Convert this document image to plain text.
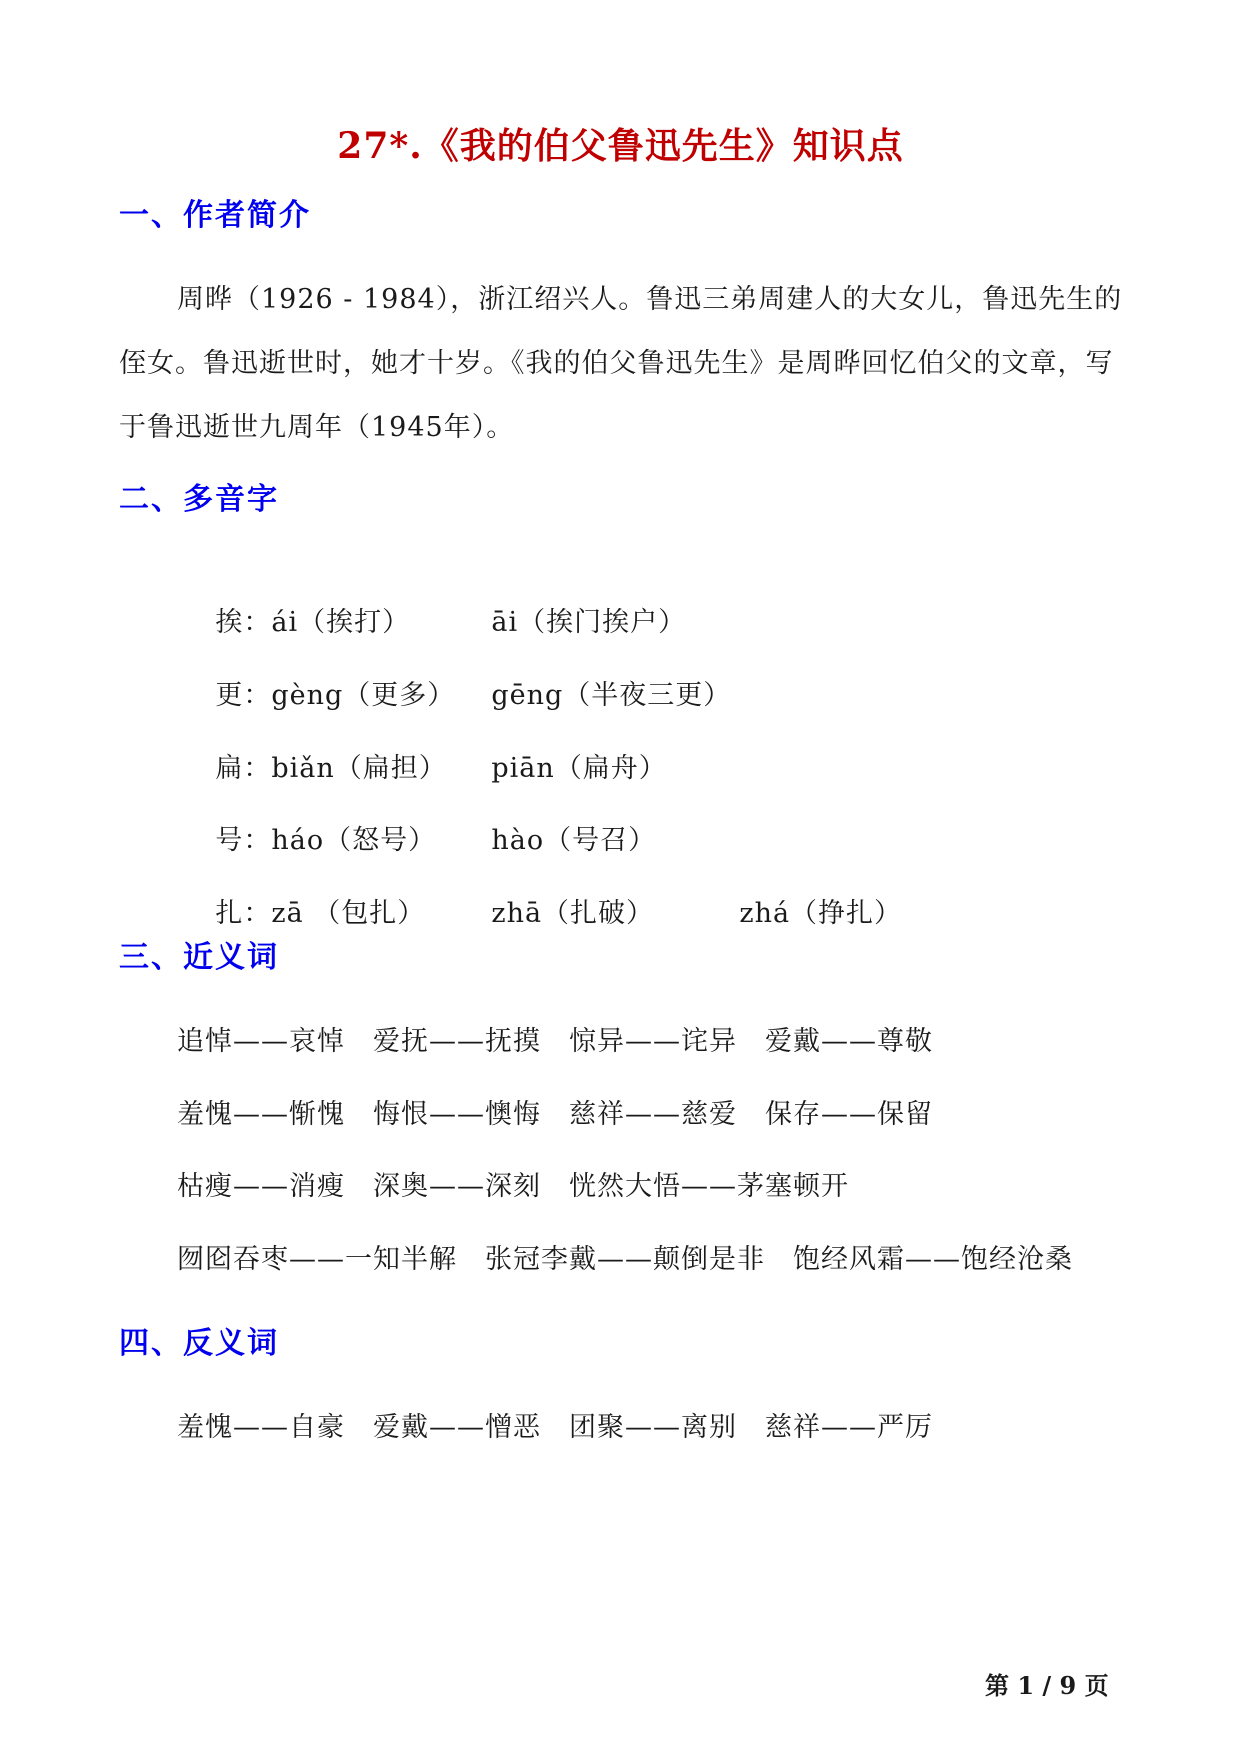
27*.《我的伯父鲁迅先生》知识点
一、作者简介

周晔（1926 - 1984），浙江绍兴人。鲁迅三弟周建人的大女儿，鲁迅先生的侄女。鲁迅逝世时，她才十岁。《我的伯父鲁迅先生》是周晔回忆伯父的文章，写于鲁迅逝世九周年（1945年）。

二、多音字

挨：ái（挨打）	āi（挨门挨户）

更：gèng（更多） gēng（半夜三更）

扁：biǎn（扁担） piān（扁舟）

号：háo（怒号） hào（号召）

扎：zā （包扎） zhā（扎破）	zhá（挣扎）

三、近义词
追悼——哀悼　爱抚——抚摸　惊异——诧异　爱戴——尊敬
羞愧——惭愧　悔恨——懊悔　慈祥——慈爱　保存——保留
枯瘦——消瘦　深奥——深刻　恍然大悟——茅塞顿开
囫囵吞枣——一知半解　张冠李戴——颠倒是非　饱经风霜——饱经沧桑
四、反义词
羞愧——自豪　爱戴——憎恶　团聚——离别　慈祥——严厉
第 1 / 9 页
